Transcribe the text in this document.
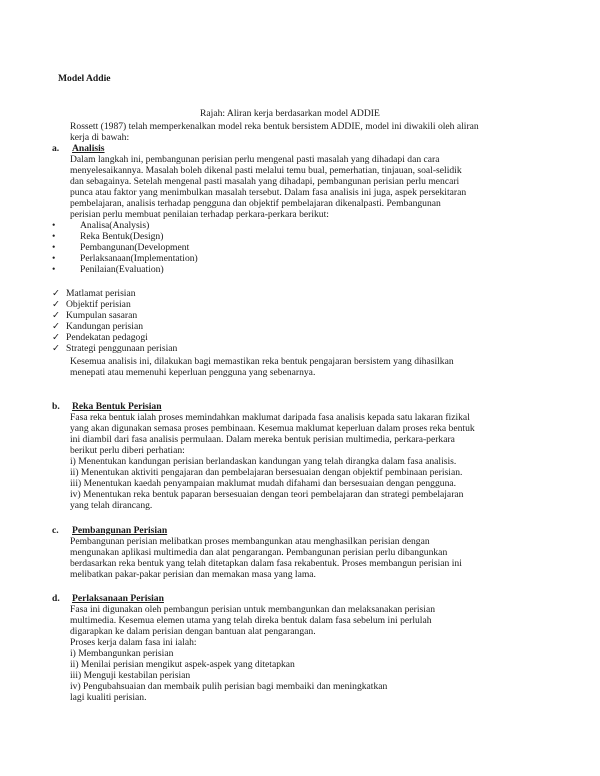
Model Addie
Rajah: Aliran kerja berdasarkan model ADDIE
Rossett (1987) telah memperkenalkan model reka bentuk bersistem ADDIE, model ini diwakili oleh aliran
kerja di bawah:
a. Analisis
Dalam langkah ini, pembangunan perisian perlu mengenal pasti masalah yang dihadapi dan cara
menyelesaikannya. Masalah boleh dikenal pasti melalui temu bual, pemerhatian, tinjauan, soal-selidik
dan sebagainya. Setelah mengenal pasti masalah yang dihadapi, pembangunan perisian perlu mencari
punca atau faktor yang menimbulkan masalah tersebut. Dalam fasa analisis ini juga, aspek persekitaran
pembelajaran, analisis terhadap pengguna dan objektif pembelajaran dikenalpasti. Pembangunan
perisian perlu membuat penilaian terhadap perkara-perkara berikut:
•	Analisa(Analysis)
•	Reka Bentuk(Design)
•	Pembangunan(Development
•	Perlaksanaan(Implementation)
•	Penilaian(Evaluation)
✓ Matlamat perisian
✓ Objektif perisian
✓ Kumpulan sasaran
✓ Kandungan perisian
✓ Pendekatan pedagogi
✓ Strategi penggunaan perisian
Kesemua analisis ini, dilakukan bagi memastikan reka bentuk pengajaran bersistem yang dihasilkan
menepati atau memenuhi keperluan pengguna yang sebenarnya.
b. Reka Bentuk Perisian
Fasa reka bentuk ialah proses memindahkan maklumat daripada fasa analisis kepada satu lakaran fizikal
yang akan digunakan semasa proses pembinaan. Kesemua maklumat keperluan dalam proses reka bentuk
ini diambil dari fasa analisis permulaan. Dalam mereka bentuk perisian multimedia, perkara-perkara
berikut perlu diberi perhatian:
i) Menentukan kandungan perisian berlandaskan kandungan yang telah dirangka dalam fasa analisis.
ii) Menentukan aktiviti pengajaran dan pembelajaran bersesuaian dengan objektif pembinaan perisian.
iii) Menentukan kaedah penyampaian maklumat mudah difahami dan bersesuaian dengan pengguna.
iv) Menentukan reka bentuk paparan bersesuaian dengan teori pembelajaran dan strategi pembelajaran
yang telah dirancang.
c. Pembangunan Perisian
Pembangunan perisian melibatkan proses membangunkan atau menghasilkan perisian dengan
mengunakan aplikasi multimedia dan alat pengarangan. Pembangunan perisian perlu dibangunkan
berdasarkan reka bentuk yang telah ditetapkan dalam fasa rekabentuk. Proses membangun perisian ini
melibatkan pakar-pakar perisian dan memakan masa yang lama.
d. Perlaksanaan Perisian
Fasa ini digunakan oleh pembangun perisian untuk membangunkan dan melaksanakan perisian
multimedia. Kesemua elemen utama yang telah direka bentuk dalam fasa sebelum ini perlulah
digarapkan ke dalam perisian dengan bantuan alat pengarangan.
Proses kerja dalam fasa ini ialah:
i) Membangunkan perisian
ii) Menilai perisian mengikut aspek-aspek yang ditetapkan
iii) Menguji kestabilan perisian
iv) Pengubahsuaian dan membaik pulih perisian bagi membaiki dan meningkatkan
lagi kualiti perisian.
